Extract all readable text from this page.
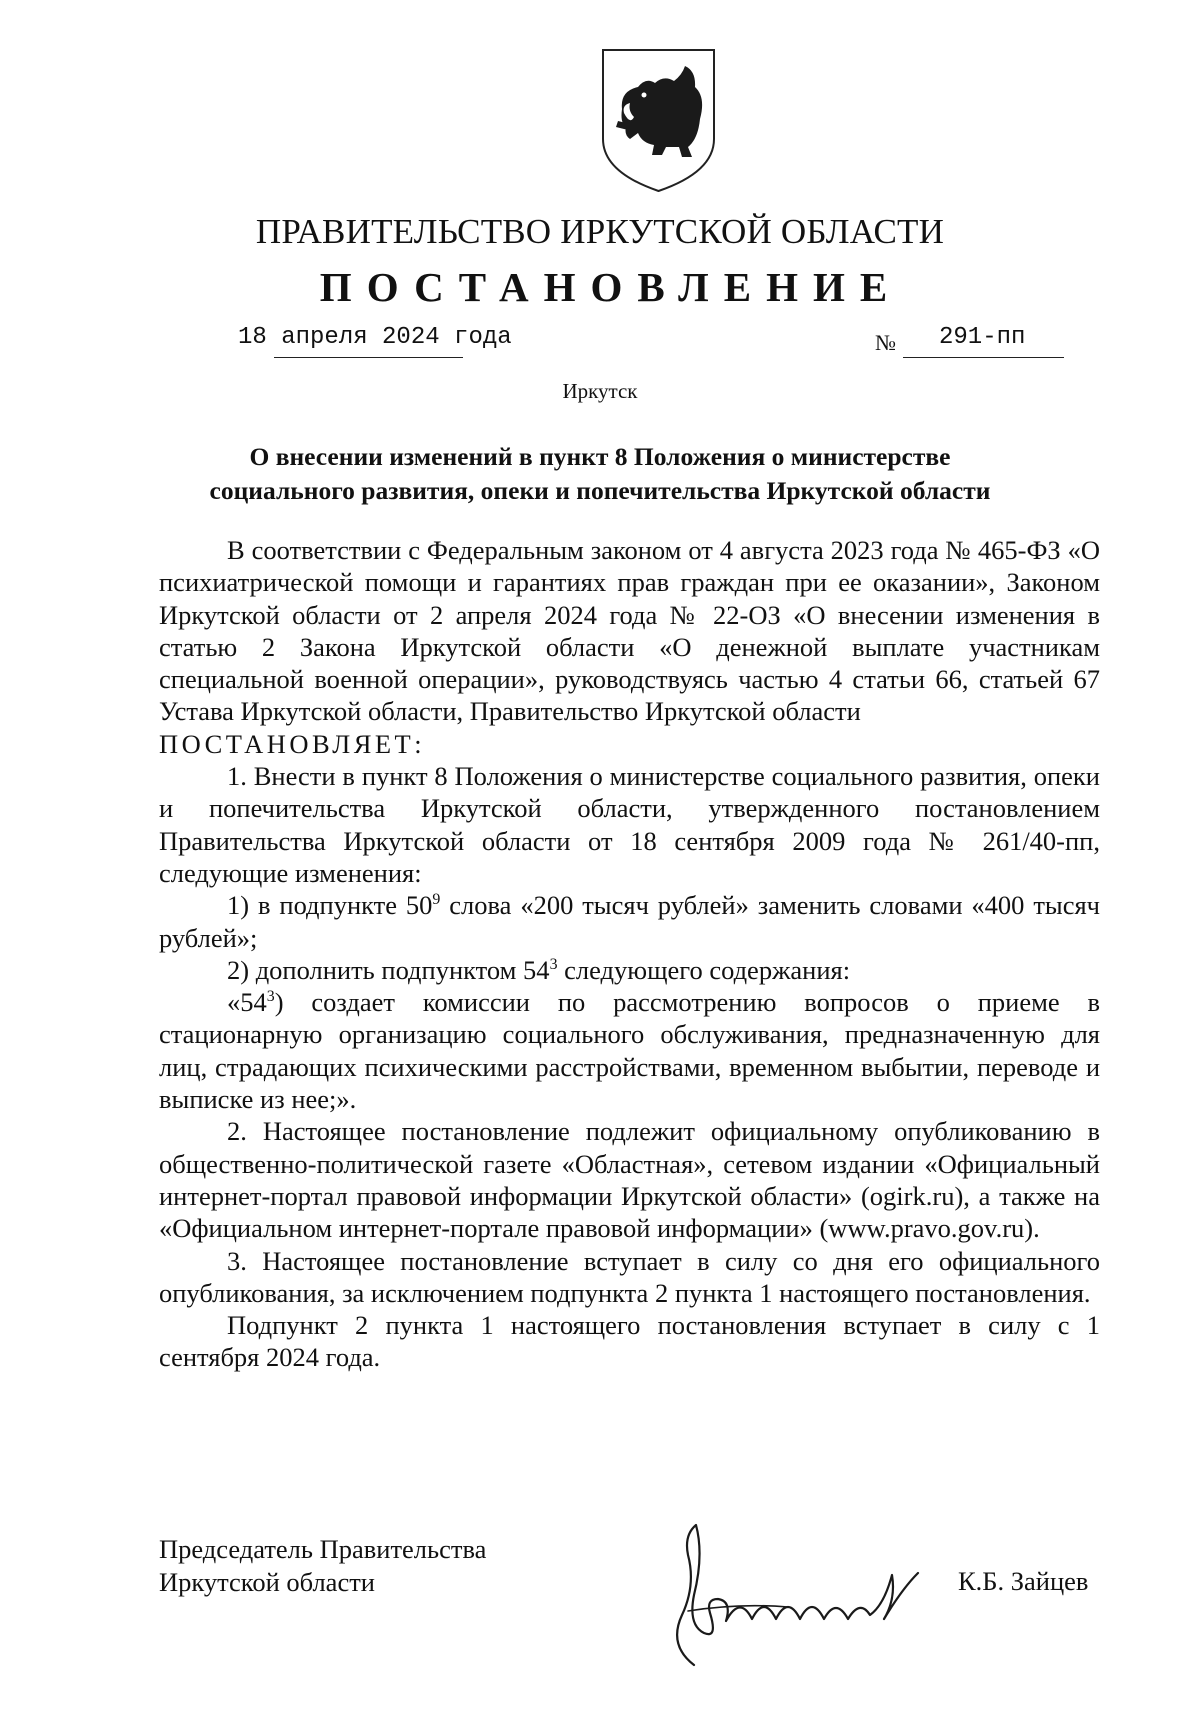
ПРАВИТЕЛЬСТВО ИРКУТСКОЙ ОБЛАСТИ
ПОСТАНОВЛЕНИЕ
18 апреля 2024 года	№ 291-пп
Иркутск
О внесении изменений в пункт 8 Положения о министерстве
социального развития, опеки и попечительства Иркутской области

В соответствии с Федеральным законом от 4 августа 2023 года № 465-ФЗ «О психиатрической помощи и гарантиях прав граждан при ее оказании», Законом Иркутской области от 2 апреля 2024 года № 22-ОЗ «О внесении изменения в статью 2 Закона Иркутской области «О денежной выплате участникам специальной военной операции», руководствуясь частью 4 статьи 66, статьей 67 Устава Иркутской области, Правительство Иркутской области

ПОСТАНОВЛЯЕТ:

1. Внести в пункт 8 Положения о министерстве социального развития, опеки и попечительства Иркутской области, утвержденного постановлением Правительства Иркутской области от 18 сентября 2009 года № 261/40-пп, следующие изменения:

1) в подпункте $50^9$ слова «200 тысяч рублей» заменить словами «400 тысяч рублей»;

2) дополнить подпунктом $54^3$ следующего содержания:

«$54^3$) создает комиссии по рассмотрению вопросов о приеме в стационарную организацию социального обслуживания, предназначенную для лиц, страдающих психическими расстройствами, временном выбытии, переводе и выписке из нее;».

2. Настоящее постановление подлежит официальному опубликованию в общественно-политической газете «Областная», сетевом издании «Официальный интернет-портал правовой информации Иркутской области» (ogirk.ru), а также на «Официальном интернет-портале правовой информации» (www.pravo.gov.ru).

3. Настоящее постановление вступает в силу со дня его официального опубликования, за исключением подпункта 2 пункта 1 настоящего постановления.

Подпункт 2 пункта 1 настоящего постановления вступает в силу с 1 сентября 2024 года.

Председатель Правительства
Иркутской области	К.Б. Зайцев
